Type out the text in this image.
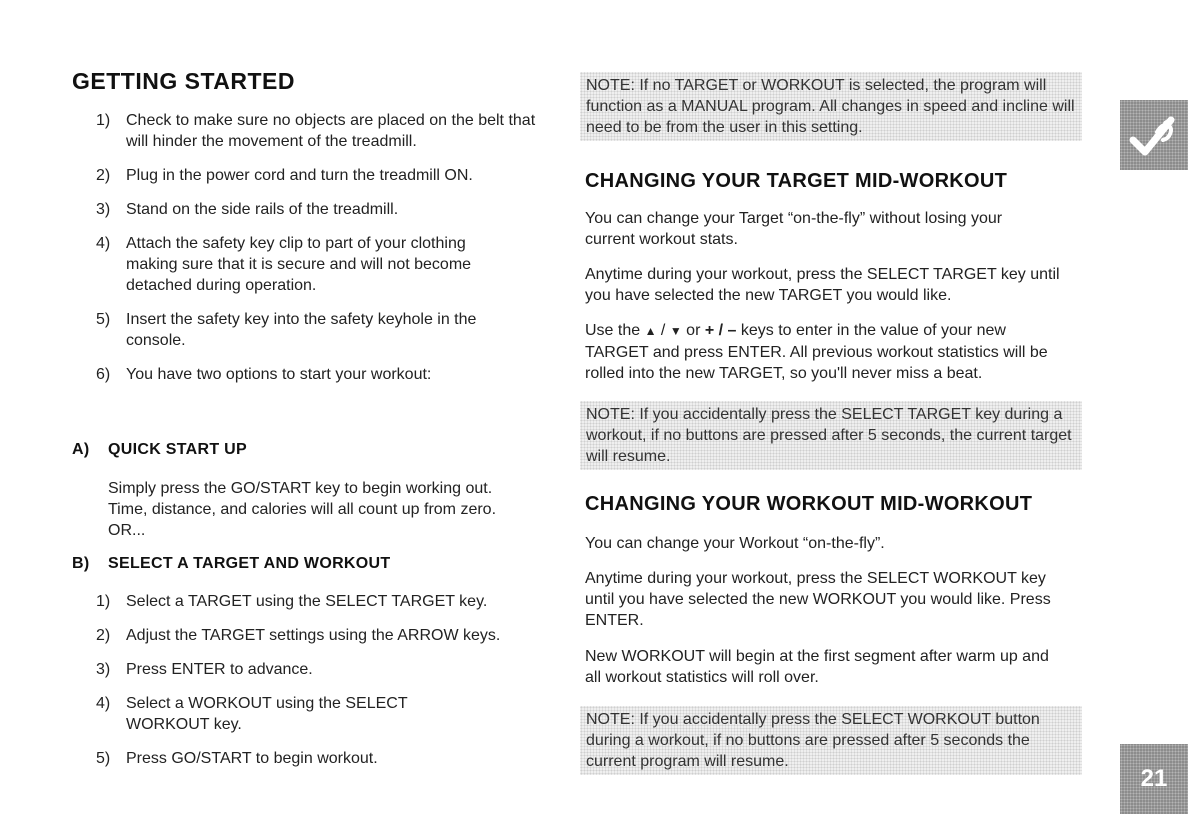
GETTING STARTED
1) Check to make sure no objects are placed on the belt that will hinder the movement of the treadmill.
2) Plug in the power cord and turn the treadmill ON.
3) Stand on the side rails of the treadmill.
4) Attach the safety key clip to part of your clothing making sure that it is secure and will not become detached during operation.
5) Insert the safety key into the safety keyhole in the console.
6) You have two options to start your workout:
A) QUICK START UP

Simply press the GO/START key to begin working out. Time, distance, and calories will all count up from zero. OR...

B) SELECT A TARGET AND WORKOUT
1) Select a TARGET using the SELECT TARGET key.
2) Adjust the TARGET settings using the ARROW keys.
3) Press ENTER to advance.
4) Select a WORKOUT using the SELECT WORKOUT key.
5) Press GO/START to begin workout.

NOTE: If no TARGET or WORKOUT is selected, the program will function as a MANUAL program. All changes in speed and incline will need to be from the user in this setting.

CHANGING YOUR TARGET MID-WORKOUT

You can change your Target “on-the-fly” without losing your current workout stats.

Anytime during your workout, press the SELECT TARGET key until you have selected the new TARGET you would like.

Use the ▲ / ▼ or + / – keys to enter in the value of your new TARGET and press ENTER. All previous workout statistics will be rolled into the new TARGET, so you'll never miss a beat.

NOTE: If you accidentally press the SELECT TARGET key during a workout, if no buttons are pressed after 5 seconds, the current target will resume.

CHANGING YOUR WORKOUT MID-WORKOUT

You can change your Workout “on-the-fly”.

Anytime during your workout, press the SELECT WORKOUT key until you have selected the new WORKOUT you would like. Press ENTER.

New WORKOUT will begin at the first segment after warm up and all workout statistics will roll over.

NOTE: If you accidentally press the SELECT WORKOUT button during a workout, if no buttons are pressed after 5 seconds the current program will resume.

21
